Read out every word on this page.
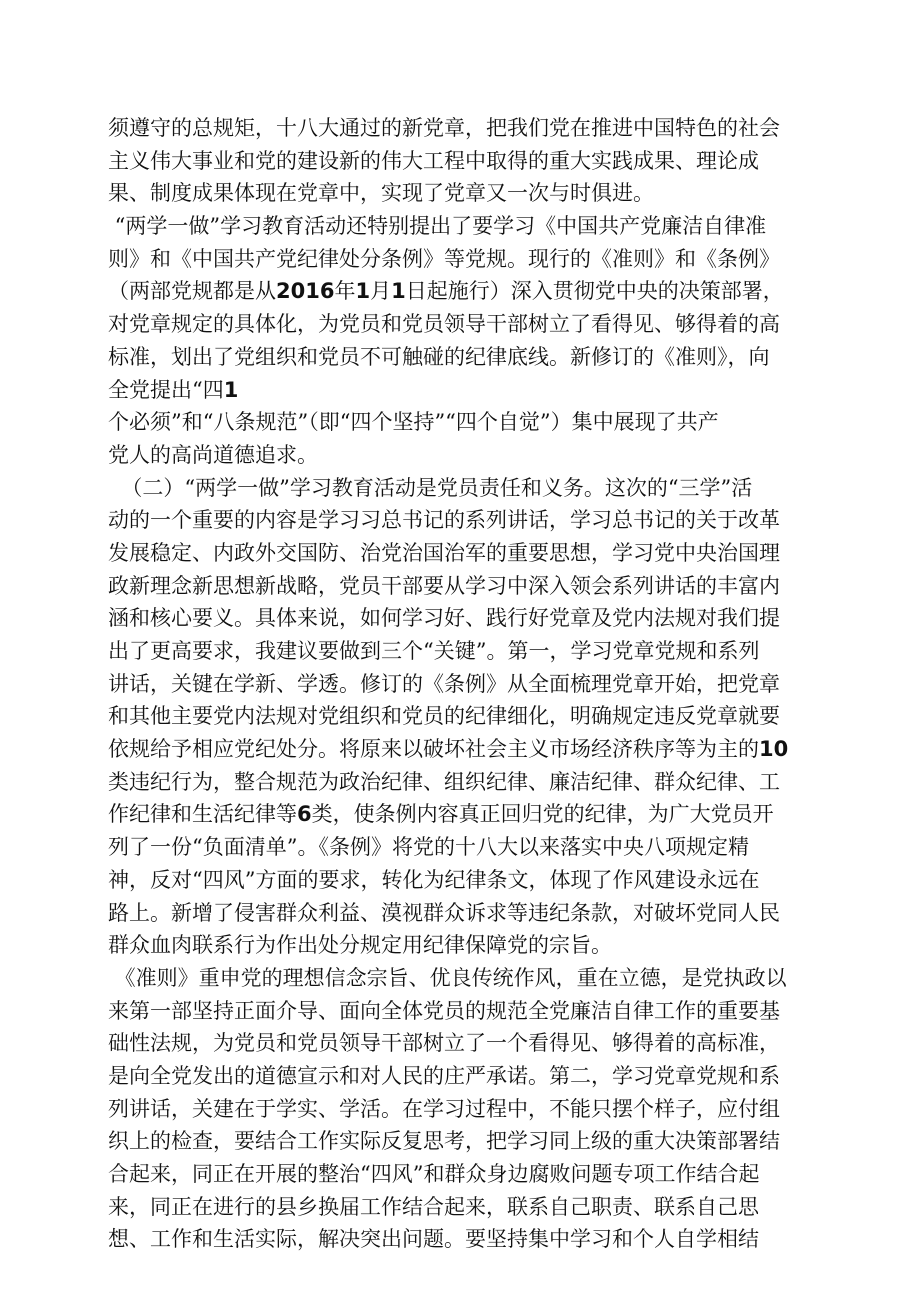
须遵守的总规矩，十八大通过的新党章，把我们党在推进中国特色的社会
主义伟大事业和党的建设新的伟大工程中取得的重大实践成果、理论成
果、制度成果体现在党章中，实现了党章又一次与时俱进。
“两学一做”学习教育活动还特别提出了要学习《中国共产党廉洁自律准
则》和《中国共产党纪律处分条例》等党规。现行的《准则》和《条例》
（两部党规都是从2016年1月1日起施行）深入贯彻党中央的决策部署，
对党章规定的具体化，为党员和党员领导干部树立了看得见、够得着的高
标准，划出了党组织和党员不可触碰的纪律底线。新修订的《准则》，向
全党提出“四1
个必须”和“八条规范”（即“四个坚持”“四个自觉”）集中展现了共产
党人的高尚道德追求。
（二）“两学一做”学习教育活动是党员责任和义务。这次的“三学”活
动的一个重要的内容是学习习总书记的系列讲话，学习总书记的关于改革
发展稳定、内政外交国防、治党治国治军的重要思想，学习党中央治国理
政新理念新思想新战略，党员干部要从学习中深入领会系列讲话的丰富内
涵和核心要义。具体来说，如何学习好、践行好党章及党内法规对我们提
出了更高要求，我建议要做到三个“关键”。第一，学习党章党规和系列
讲话，关键在学新、学透。修订的《条例》从全面梳理党章开始，把党章
和其他主要党内法规对党组织和党员的纪律细化，明确规定违反党章就要
依规给予相应党纪处分。将原来以破坏社会主义市场经济秩序等为主的10
类违纪行为，整合规范为政治纪律、组织纪律、廉洁纪律、群众纪律、工
作纪律和生活纪律等6类，使条例内容真正回归党的纪律，为广大党员开
列了一份“负面清单”。《条例》将党的十八大以来落实中央八项规定精
神，反对“四风”方面的要求，转化为纪律条文，体现了作风建设永远在
路上。新增了侵害群众利益、漠视群众诉求等违纪条款，对破坏党同人民
群众血肉联系行为作出处分规定用纪律保障党的宗旨。
《准则》重申党的理想信念宗旨、优良传统作风，重在立德，是党执政以
来第一部坚持正面介导、面向全体党员的规范全党廉洁自律工作的重要基
础性法规，为党员和党员领导干部树立了一个看得见、够得着的高标准，
是向全党发出的道德宣示和对人民的庄严承诺。第二，学习党章党规和系
列讲话，关建在于学实、学活。在学习过程中，不能只摆个样子，应付组
织上的检查，要结合工作实际反复思考，把学习同上级的重大决策部署结
合起来，同正在开展的整治“四风”和群众身边腐败问题专项工作结合起
来，同正在进行的县乡换届工作结合起来，联系自己职责、联系自己思
想、工作和生活实际，解决突出问题。要坚持集中学习和个人自学相结
